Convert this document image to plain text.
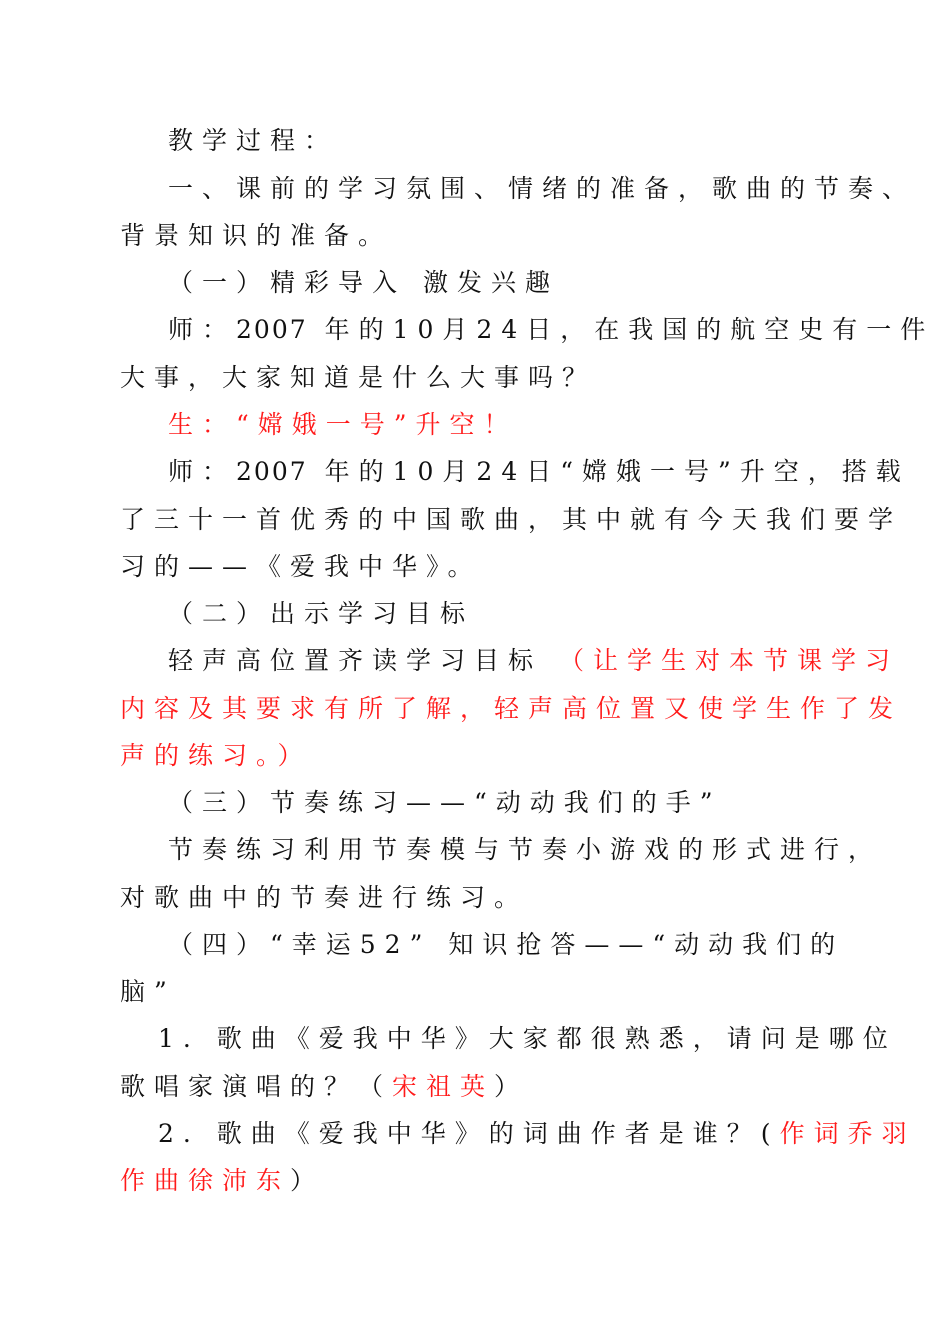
教学过程：
一、课前的学习氛围、情绪的准备，歌曲的节奏、
背景知识的准备。
（一）精彩导入 激发兴趣
师：2007 年的10月24日，在我国的航空史有一件
大事，大家知道是什么大事吗？
生：“嫦娥一号”升空！
师：2007 年的10月24日“嫦娥一号”升空，搭载
了三十一首优秀的中国歌曲，其中就有今天我们要学
习的——《爱我中华》。
（二）出示学习目标
轻声高位置齐读学习目标 （让学生对本节课学习
内容及其要求有所了解，轻声高位置又使学生作了发
声的练习。）
（三）节奏练习——“动动我们的手”
节奏练习利用节奏模与节奏小游戏的形式进行，
对歌曲中的节奏进行练习。
（四）“幸运52” 知识抢答——“动动我们的
脑”
1. 歌曲《爱我中华》大家都很熟悉，请问是哪位
歌唱家演唱的？（宋祖英）
2. 歌曲《爱我中华》的词曲作者是谁？(作词乔羽
作曲徐沛东）
